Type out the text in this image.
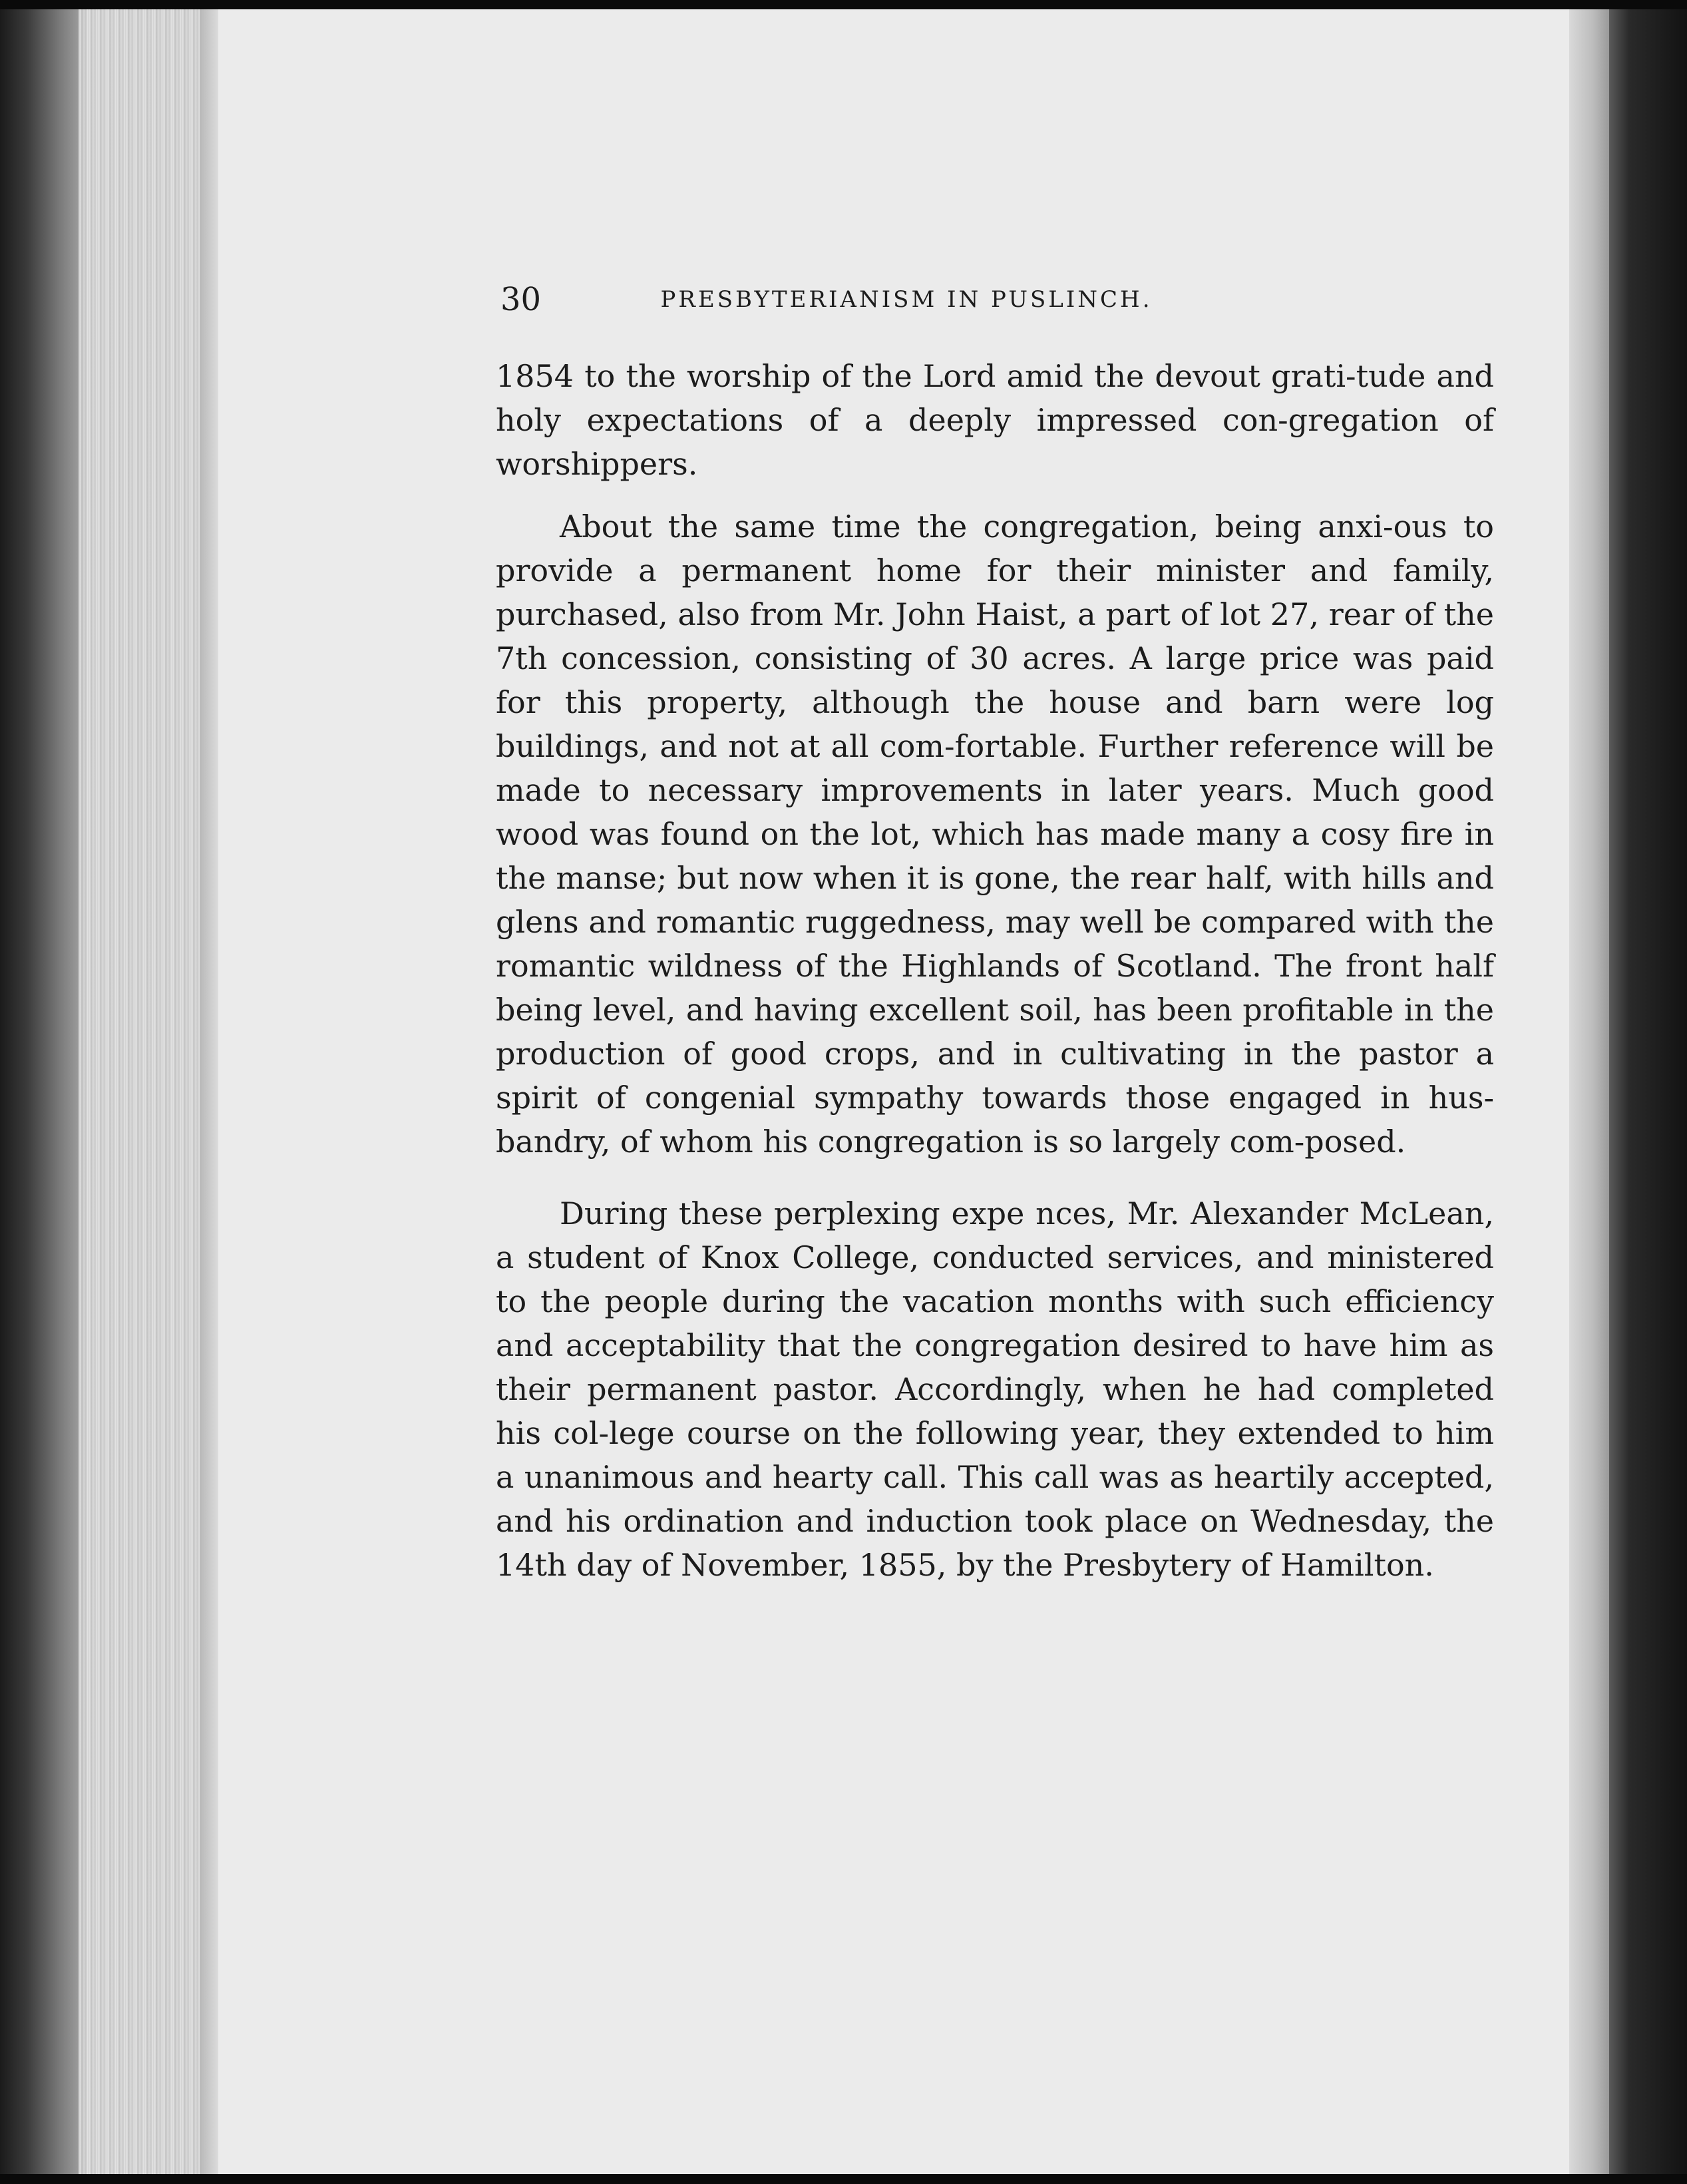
30	PRESBYTERIANISM IN PUSLINCH.

1854 to the worship of the Lord amid the devout grati-tude and holy expectations of a deeply impressed con-gregation of worshippers.

About the same time the congregation, being anxi-ous to provide a permanent home for their minister and family, purchased, also from Mr. John Haist, a part of lot 27, rear of the 7th concession, consisting of 30 acres. A large price was paid for this property, although the house and barn were log buildings, and not at all com-fortable. Further reference will be made to necessary improvements in later years. Much good wood was found on the lot, which has made many a cosy fire in the manse; but now when it is gone, the rear half, with hills and glens and romantic ruggedness, may well be compared with the romantic wildness of the Highlands of Scotland. The front half being level, and having excellent soil, has been profitable in the production of good crops, and in cultivating in the pastor a spirit of congenial sympathy towards those engaged in hus-bandry, of whom his congregation is so largely com-posed.

During these perplexing expe nces, Mr. Alexander McLean, a student of Knox College, conducted services, and ministered to the people during the vacation months with such efficiency and acceptability that the congregation desired to have him as their permanent pastor. Accordingly, when he had completed his col-lege course on the following year, they extended to him a unanimous and hearty call. This call was as heartily accepted, and his ordination and induction took place on Wednesday, the 14th day of November, 1855, by the Presbytery of Hamilton.
